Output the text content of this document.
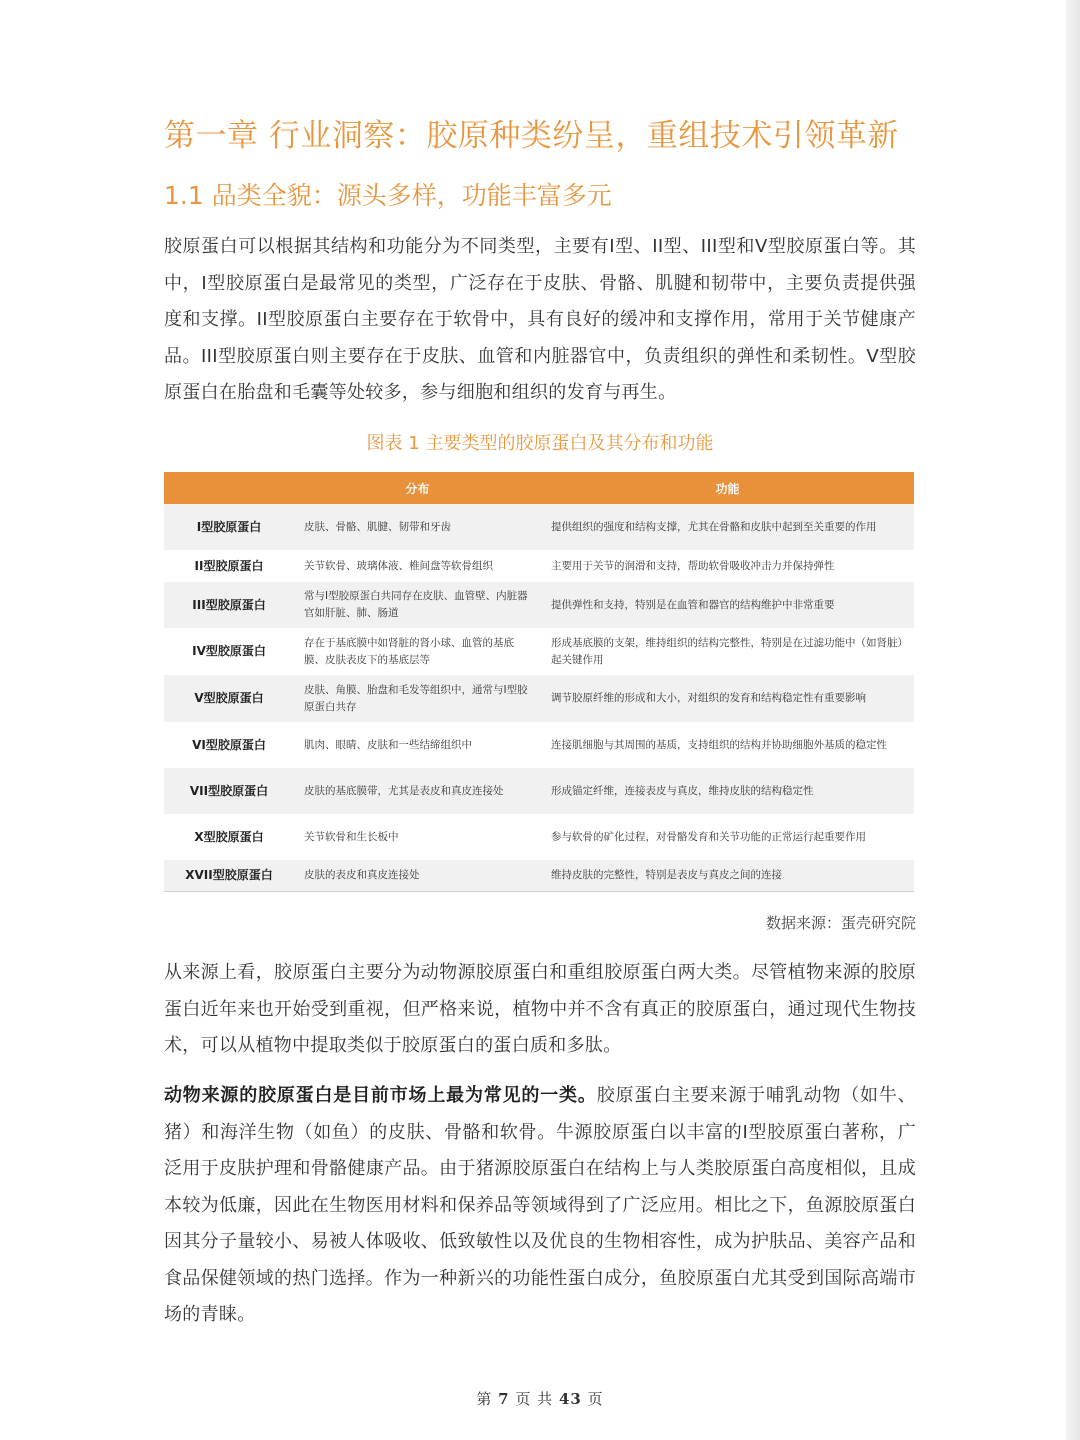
第一章 行业洞察：胶原种类纷呈，重组技术引领革新
1.1 品类全貌：源头多样，功能丰富多元

胶原蛋白可以根据其结构和功能分为不同类型，主要有I型、II型、III型和V型胶原蛋白等。其中，I型胶原蛋白是最常见的类型，广泛存在于皮肤、骨骼、肌腱和韧带中，主要负责提供强度和支撑。II型胶原蛋白主要存在于软骨中，具有良好的缓冲和支撑作用，常用于关节健康产品。III型胶原蛋白则主要存在于皮肤、血管和内脏器官中，负责组织的弹性和柔韧性。V型胶原蛋白在胎盘和毛囊等处较多，参与细胞和组织的发育与再生。

图表 1 主要类型的胶原蛋白及其分布和功能
	分布	功能
I型胶原蛋白	皮肤、骨骼、肌腱、韧带和牙齿	提供组织的强度和结构支撑，尤其在骨骼和皮肤中起到至关重要的作用
II型胶原蛋白	关节软骨、玻璃体液、椎间盘等软骨组织	主要用于关节的润滑和支持，帮助软骨吸收冲击力并保持弹性
III型胶原蛋白	常与I型胶原蛋白共同存在皮肤、血管壁、内脏器官如肝脏、肺、肠道	提供弹性和支持，特别是在血管和器官的结构维护中非常重要
IV型胶原蛋白	存在于基底膜中如肾脏的肾小球、血管的基底膜、皮肤表皮下的基底层等	形成基底膜的支架，维持组织的结构完整性，特别是在过滤功能中（如肾脏）起关键作用
V型胶原蛋白	皮肤、角膜、胎盘和毛发等组织中，通常与I型胶原蛋白共存	调节胶原纤维的形成和大小，对组织的发育和结构稳定性有重要影响
VI型胶原蛋白	肌肉、眼睛、皮肤和一些结缔组织中	连接肌细胞与其周围的基质，支持组织的结构并协助细胞外基质的稳定性
VII型胶原蛋白	皮肤的基底膜带，尤其是表皮和真皮连接处	形成锚定纤维，连接表皮与真皮，维持皮肤的结构稳定性
X型胶原蛋白	关节软骨和生长板中	参与软骨的矿化过程，对骨骼发育和关节功能的正常运行起重要作用
XVII型胶原蛋白	皮肤的表皮和真皮连接处	维持皮肤的完整性，特别是表皮与真皮之间的连接
数据来源：蛋壳研究院

从来源上看，胶原蛋白主要分为动物源胶原蛋白和重组胶原蛋白两大类。尽管植物来源的胶原蛋白近年来也开始受到重视，但严格来说，植物中并不含有真正的胶原蛋白，通过现代生物技术，可以从植物中提取类似于胶原蛋白的蛋白质和多肽。

动物来源的胶原蛋白是目前市场上最为常见的一类。胶原蛋白主要来源于哺乳动物（如牛、猪）和海洋生物（如鱼）的皮肤、骨骼和软骨。牛源胶原蛋白以丰富的I型胶原蛋白著称，广泛用于皮肤护理和骨骼健康产品。由于猪源胶原蛋白在结构上与人类胶原蛋白高度相似，且成本较为低廉，因此在生物医用材料和保养品等领域得到了广泛应用。相比之下，鱼源胶原蛋白因其分子量较小、易被人体吸收、低致敏性以及优良的生物相容性，成为护肤品、美容产品和食品保健领域的热门选择。作为一种新兴的功能性蛋白成分，鱼胶原蛋白尤其受到国际高端市场的青睐。

第 7 页 共 43 页
